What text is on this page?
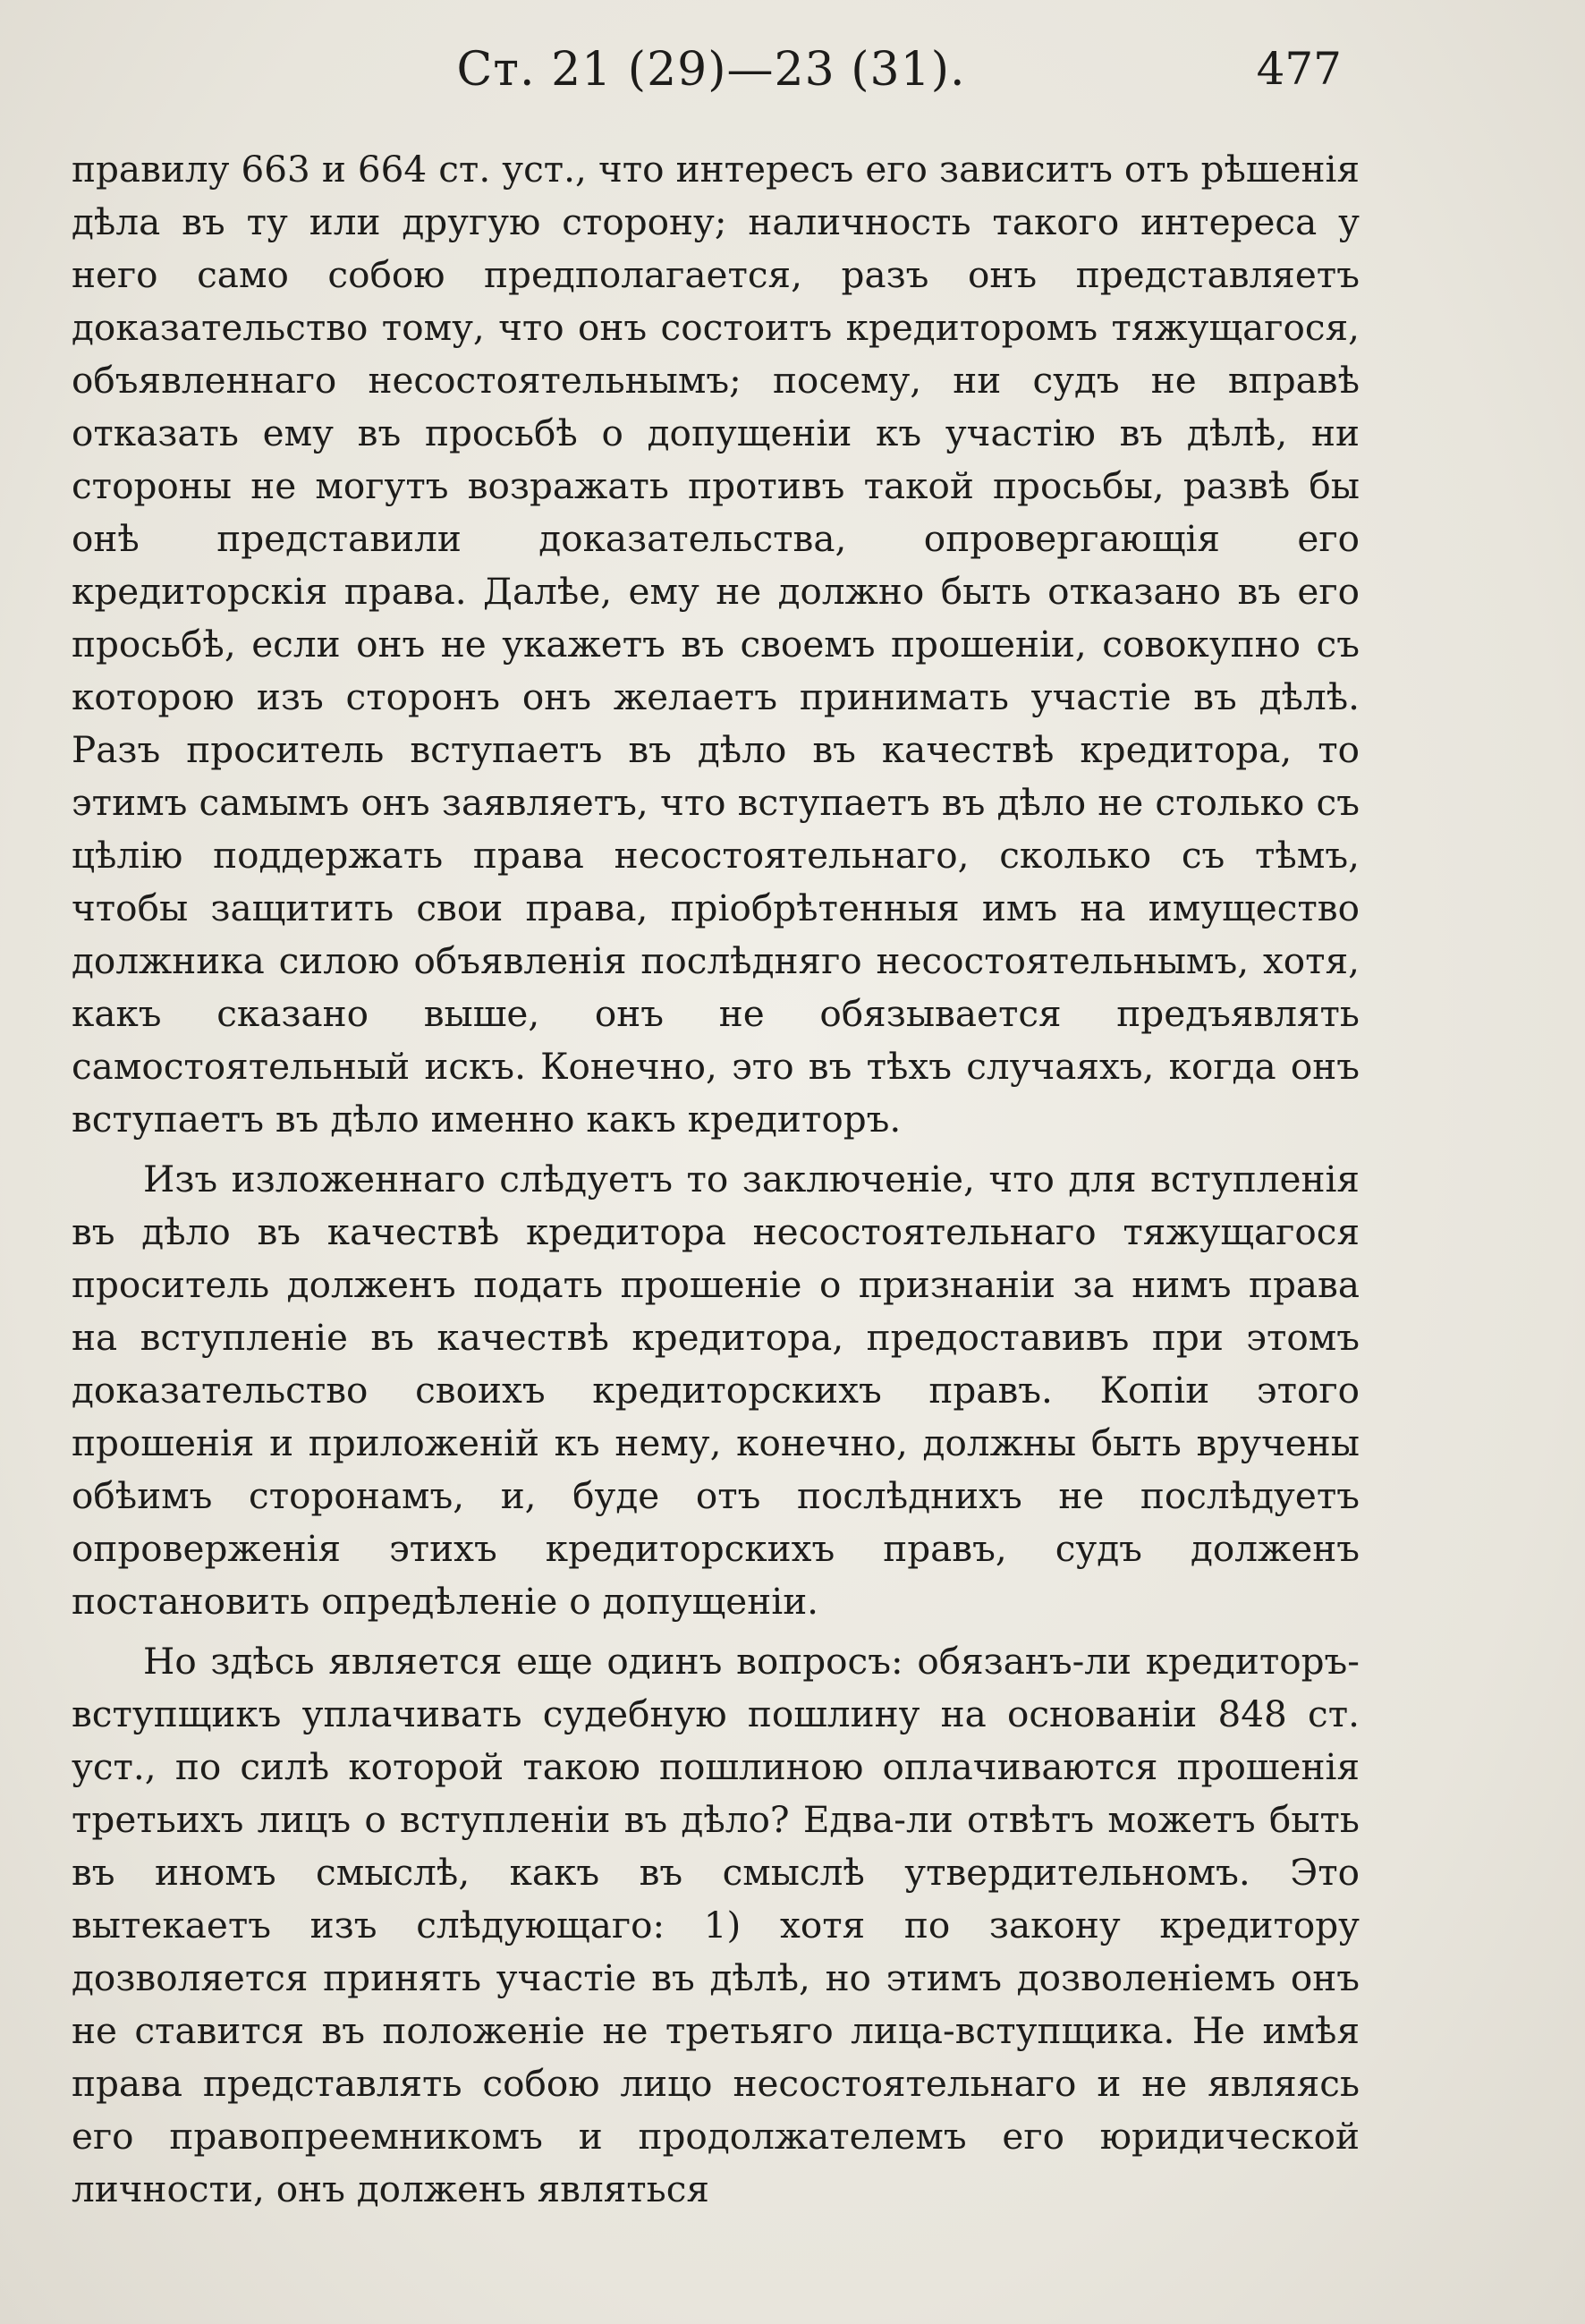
Ст. 21 (29)—23 (31).	477

правилу 663 и 664 ст. уст., что интересъ его зависитъ отъ рѣшенія дѣла въ ту или другую сторону; наличность такого интереса у него само собою предполагается, разъ онъ представляетъ доказательство тому, что онъ состоитъ кредиторомъ тяжущагося, объявленнаго несостоятельнымъ; посему, ни судъ не вправѣ отказать ему въ просьбѣ о допущеніи къ участію въ дѣлѣ, ни стороны не могутъ возражать противъ такой просьбы, развѣ бы онѣ представили доказательства, опровергающія его кредиторскія права. Далѣе, ему не должно быть отказано въ его просьбѣ, если онъ не укажетъ въ своемъ прошеніи, совокупно съ которою изъ сторонъ онъ желаетъ принимать участіе въ дѣлѣ. Разъ проситель вступаетъ въ дѣло въ качествѣ кредитора, то этимъ самымъ онъ заявляетъ, что вступаетъ въ дѣло не столько съ цѣлію поддержать права несостоятельнаго, сколько съ тѣмъ, чтобы защитить свои права, пріобрѣтенныя имъ на имущество должника силою объявленія послѣдняго несостоятельнымъ, хотя, какъ сказано выше, онъ не обязывается предъявлять самостоятельный искъ. Конечно, это въ тѣхъ случаяхъ, когда онъ вступаетъ въ дѣло именно какъ кредиторъ.

Изъ изложеннаго слѣдуетъ то заключеніе, что для вступленія въ дѣло въ качествѣ кредитора несостоятельнаго тяжущагося проситель долженъ подать прошеніе о признаніи за нимъ права на вступленіе въ качествѣ кредитора, предоставивъ при этомъ доказательство своихъ кредиторскихъ правъ. Копіи этого прошенія и приложеній къ нему, конечно, должны быть вручены обѣимъ сторонамъ, и, буде отъ послѣднихъ не послѣдуетъ опроверженія этихъ кредиторскихъ правъ, судъ долженъ постановить опредѣленіе о допущеніи.

Но здѣсь является еще одинъ вопросъ: обязанъ-ли кредиторъ-вступщикъ уплачивать судебную пошлину на основаніи 848 ст. уст., по силѣ которой такою пошлиною оплачиваются прошенія третьихъ лицъ о вступленіи въ дѣло? Едва-ли отвѣтъ можетъ быть въ иномъ смыслѣ, какъ въ смыслѣ утвердительномъ. Это вытекаетъ изъ слѣдующаго: 1) хотя по закону кредитору дозволяется принять участіе въ дѣлѣ, но этимъ дозволеніемъ онъ не ставится въ положеніе не третьяго лица-вступщика. Не имѣя права представлять собою лицо несостоятельнаго и не являясь его правопреемникомъ и продолжателемъ его юридической личности, онъ долженъ являться
